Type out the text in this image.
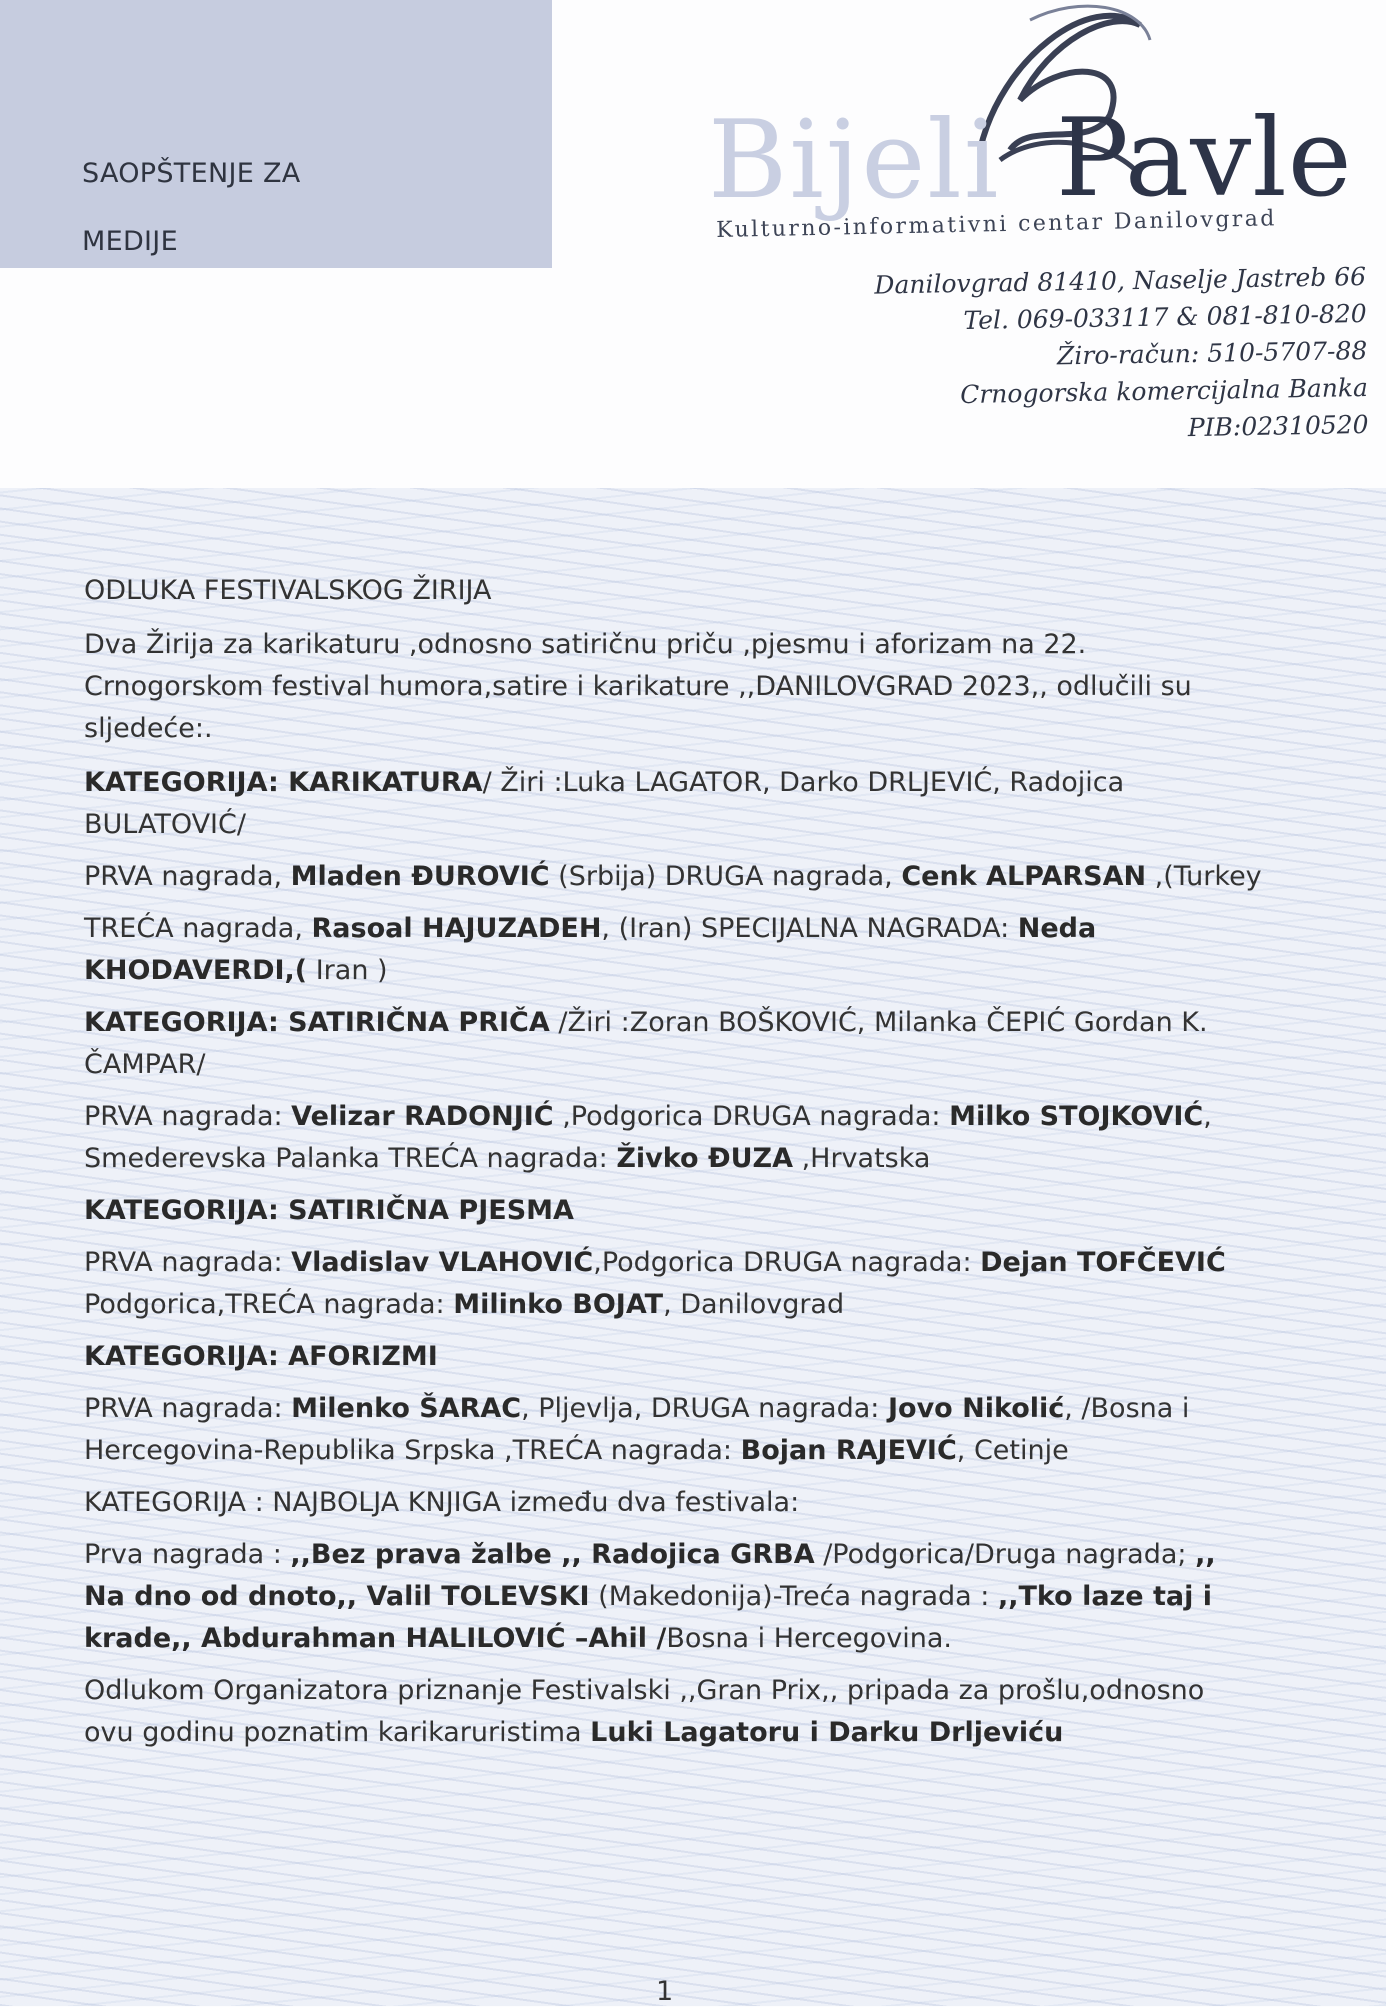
SAOPŠTENJE ZA
MEDIJE
Bijeli Pavle
Kulturno-informativni centar Danilovgrad
Danilovgrad 81410, Naselje Jastreb 66
Tel. 069-033117 & 081-810-820
Žiro-račun: 510-5707-88
Crnogorska komercijalna Banka
PIB:02310520

ODLUKA FESTIVALSKOG ŽIRIJA

Dva Žirija za karikaturu ,odnosno satiričnu priču ,pjesmu i aforizam na 22. Crnogorskom festival humora,satire i karikature ,,DANILOVGRAD 2023,, odlučili su sljedeće:.

KATEGORIJA: KARIKATURA/ Žiri :Luka LAGATOR, Darko DRLJEVIĆ, Radojica BULATOVIĆ/

PRVA nagrada, Mladen ĐUROVIĆ (Srbija) DRUGA nagrada, Cenk ALPARSAN ,(Turkey

TREĆA nagrada, Rasoal HAJUZADEH, (Iran) SPECIJALNA NAGRADA: Neda KHODAVERDI,( Iran )

KATEGORIJA: SATIRIČNA PRIČA /Žiri :Zoran BOŠKOVIĆ, Milanka ČEPIĆ Gordan K. ČAMPAR/

PRVA nagrada: Velizar RADONJIĆ ,Podgorica DRUGA nagrada: Milko STOJKOVIĆ, Smederevska Palanka TREĆA nagrada: Živko ĐUZA ,Hrvatska

KATEGORIJA: SATIRIČNA PJESMA

PRVA nagrada: Vladislav VLAHOVIĆ,Podgorica DRUGA nagrada: Dejan TOFČEVIĆ Podgorica,TREĆA nagrada: Milinko BOJAT, Danilovgrad

KATEGORIJA: AFORIZMI

PRVA nagrada: Milenko ŠARAC, Pljevlja, DRUGA nagrada: Jovo Nikolić, /Bosna i Hercegovina-Republika Srpska ,TREĆA nagrada: Bojan RAJEVIĆ, Cetinje

KATEGORIJA : NAJBOLJA KNJIGA između dva festivala:

Prva nagrada : ,,Bez prava žalbe ,, Radojica GRBA /Podgorica/Druga nagrada; ,, Na dno od dnoto,, Valil TOLEVSKI (Makedonija)-Treća nagrada : ,,Tko laze taj i krade,, Abdurahman HALILOVIĆ –Ahil /Bosna i Hercegovina.

Odlukom Organizatora priznanje Festivalski ,,Gran Prix,, pripada za prošlu,odnosno ovu godinu poznatim karikaruristima Luki Lagatoru i Darku Drljeviću

1
